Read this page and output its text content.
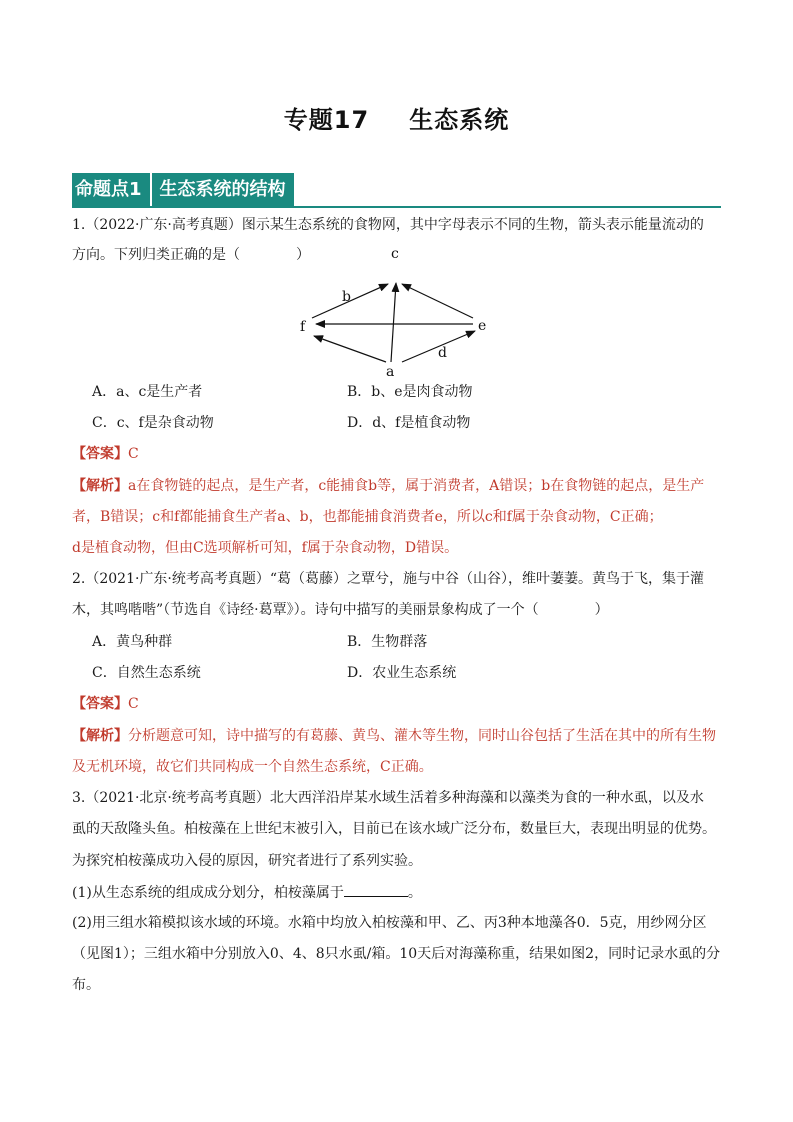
专题17 生态系统
命题点1 生态系统的结构
1.（2022·广东·高考真题）图示某生态系统的食物网，其中字母表示不同的生物，箭头表示能量流动的
方向。下列归类正确的是（　　　　）	c
b
f	e
d
a
A．a、c是生产者	B．b、e是肉食动物
C．c、f是杂食动物	D．d、f是植食动物
【答案】C
【解析】a在食物链的起点，是生产者，c能捕食b等，属于消费者，A错误；b在食物链的起点，是生产
者，B错误；c和f都能捕食生产者a、b，也都能捕食消费者e，所以c和f属于杂食动物，C正确；
d是植食动物，但由C选项解析可知，f属于杂食动物，D错误。
2.（2021·广东·统考高考真题）“葛（葛藤）之覃兮，施与中谷（山谷），维叶萋萋。黄鸟于飞，集于灌
木，其鸣喈喈”（节选自《诗经·葛覃》）。诗句中描写的美丽景象构成了一个（　　　　）
A．黄鸟种群	B．生物群落
C．自然生态系统	D．农业生态系统
【答案】C
【解析】分析题意可知，诗中描写的有葛藤、黄鸟、灌木等生物，同时山谷包括了生活在其中的所有生物
及无机环境，故它们共同构成一个自然生态系统，C正确。
3.（2021·北京·统考高考真题）北大西洋沿岸某水域生活着多种海藻和以藻类为食的一种水虱，以及水
虱的天敌隆头鱼。柏桉藻在上世纪末被引入，目前已在该水域广泛分布，数量巨大，表现出明显的优势。
为探究柏桉藻成功入侵的原因，研究者进行了系列实验。
(1)从生态系统的组成成分划分，柏桉藻属于	。
(2)用三组水箱模拟该水域的环境。水箱中均放入柏桉藻和甲、乙、丙3种本地藻各0．5克，用纱网分区
（见图1）；三组水箱中分别放入0、4、8只水虱/箱。10天后对海藻称重，结果如图2，同时记录水虱的分
布。
